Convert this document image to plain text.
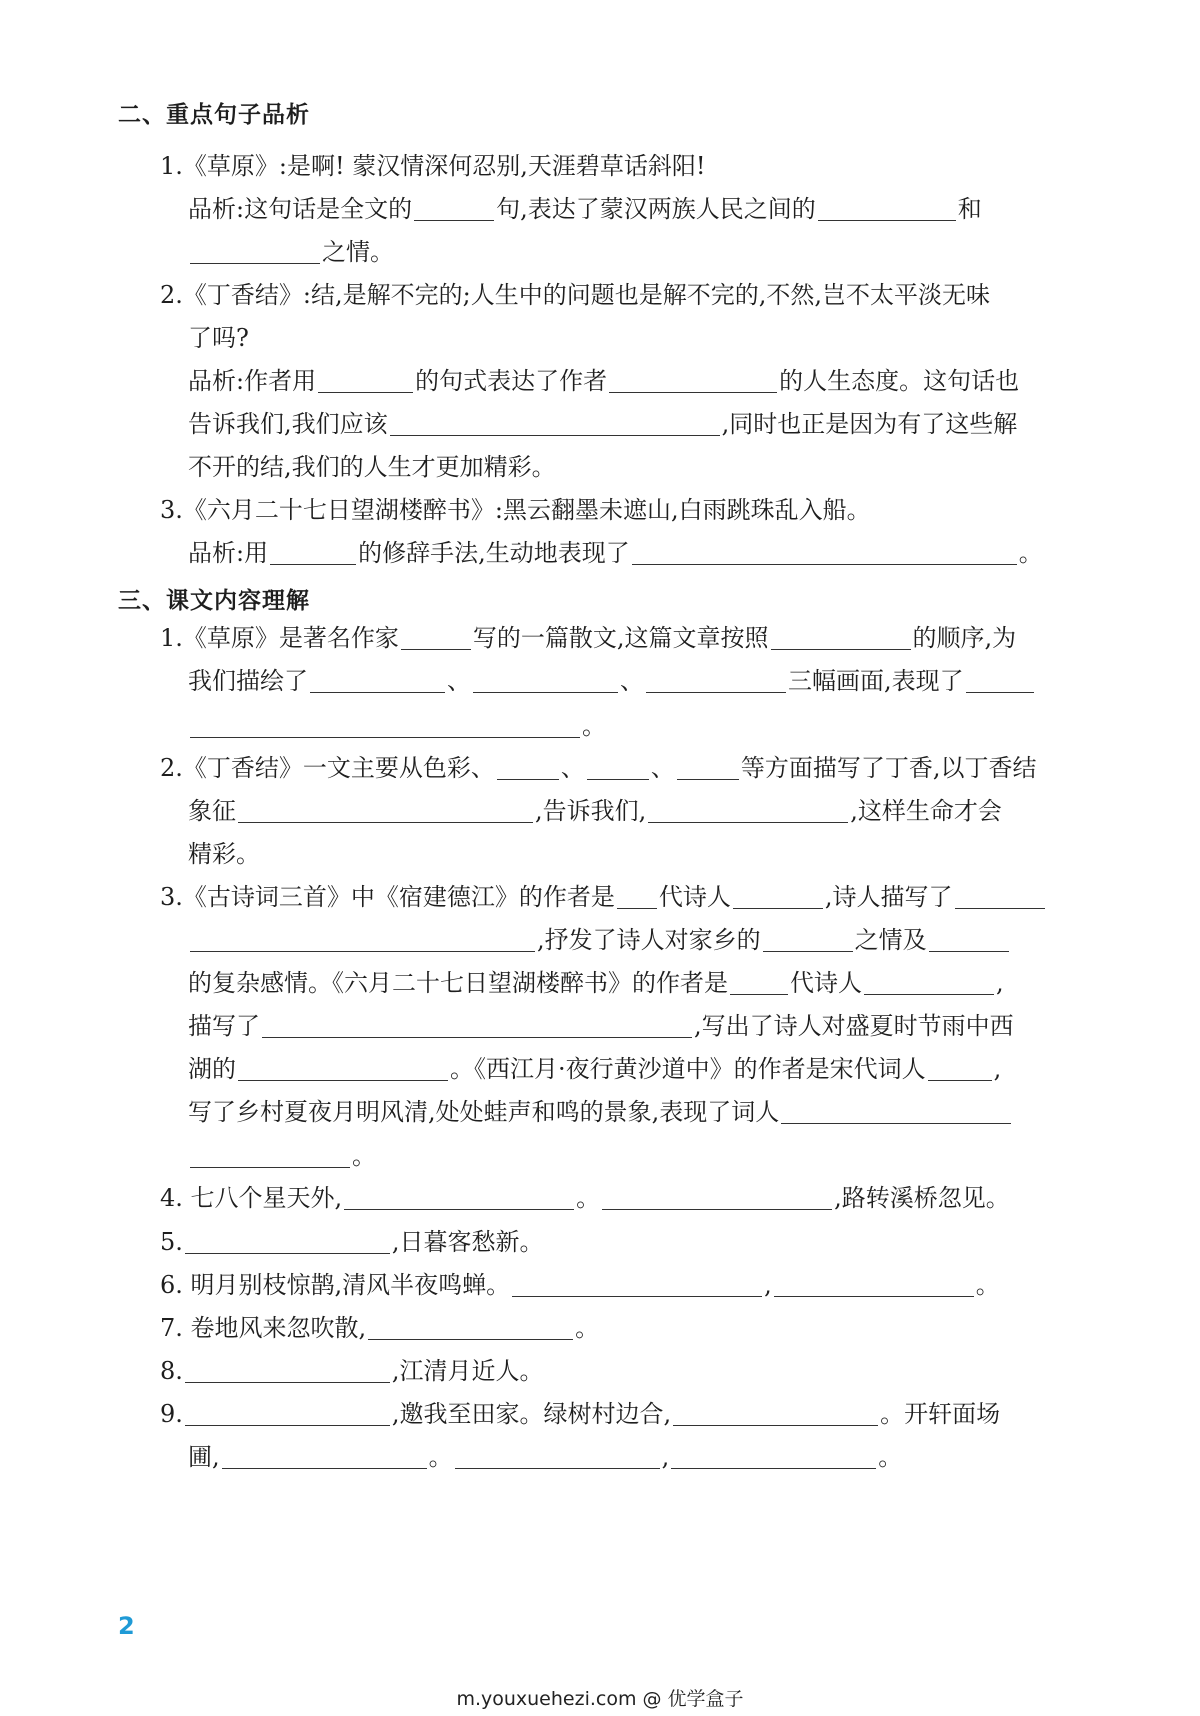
二、重点句子品析
1.《草原》:是啊! 蒙汉情深何忍别,天涯碧草话斜阳!
品析:这句话是全文的	句,表达了蒙汉两族人民之间的	和
之情。
2.《丁香结》:结,是解不完的;人生中的问题也是解不完的,不然,岂不太平淡无味
了吗?
品析:作者用	的句式表达了作者	的人生态度。这句话也
告诉我们,我们应该	,同时也正是因为有了这些解
不开的结,我们的人生才更加精彩。
3.《六月二十七日望湖楼醉书》:黑云翻墨未遮山,白雨跳珠乱入船。
品析:用	的修辞手法,生动地表现了	。
三、课文内容理解
1.《草原》是著名作家	写的一篇散文,这篇文章按照	的顺序,为
我们描绘了	、	、	三幅画面,表现了
。
2.《丁香结》一文主要从色彩、	、	、	等方面描写了丁香,以丁香结
象征	,告诉我们,	,这样生命才会
精彩。
3.《古诗词三首》中《宿建德江》的作者是 代诗人	,诗人描写了
,抒发了诗人对家乡的	之情及
的复杂感情。《六月二十七日望湖楼醉书》的作者是	代诗人	,
描写了	,写出了诗人对盛夏时节雨中西
湖的	。《西江月·夜行黄沙道中》的作者是宋代词人	,
写了乡村夏夜月明风清,处处蛙声和鸣的景象,表现了词人
。
4. 七八个星天外,	。	,路转溪桥忽见。
5.	,日暮客愁新。
6. 明月别枝惊鹊,清风半夜鸣蝉。	,	。
7. 卷地风来忽吹散,	。
8.	,江清月近人。
9.	,邀我至田家。绿树村边合,	。开轩面场
圃,	。	,	。
2
m.youxuehezi.com @ 优学盒子
